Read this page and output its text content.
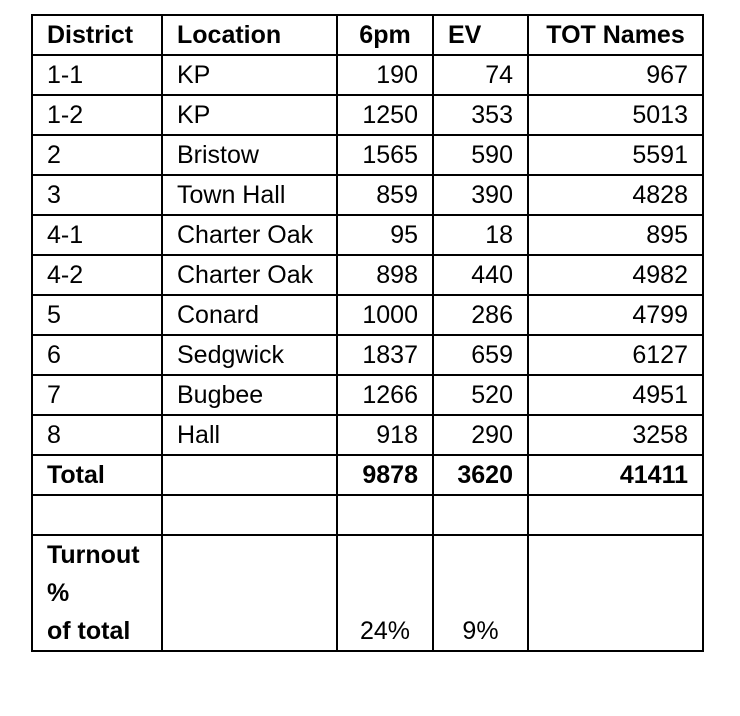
District	Location	6pm	EV	TOT Names
1-1	KP	190	74	967
1-2	KP	1250	353	5013
2	Bristow	1565	590	5591
3	Town Hall	859	390	4828
4-1	Charter Oak	95	18	895
4-2	Charter Oak	898	440	4982
5	Conard	1000	286	4799
6	Sedgwick	1837	659	6127
7	Bugbee	1266	520	4951
8	Hall	918	290	3258
Total		9878	3620	41411

Turnout
%
of total		24%	9%	
